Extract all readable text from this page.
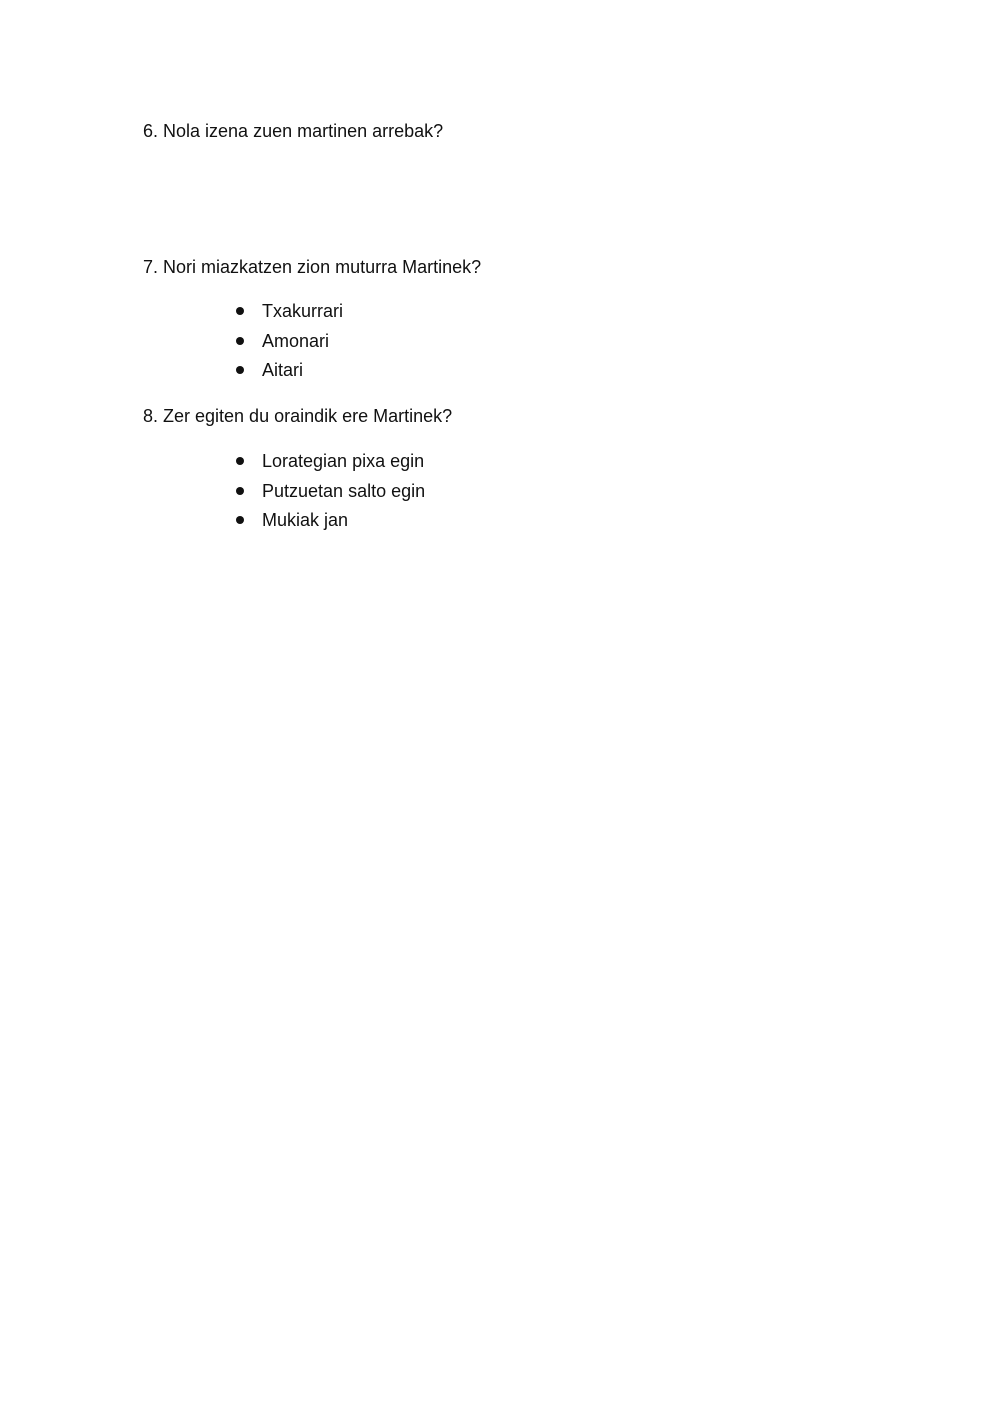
6. Nola izena zuen martinen arrebak?
7. Nori miazkatzen zion muturra Martinek?
Txakurrari
Amonari
Aitari
8. Zer egiten du oraindik ere Martinek?
Lorategian pixa egin
Putzuetan salto egin
Mukiak jan
